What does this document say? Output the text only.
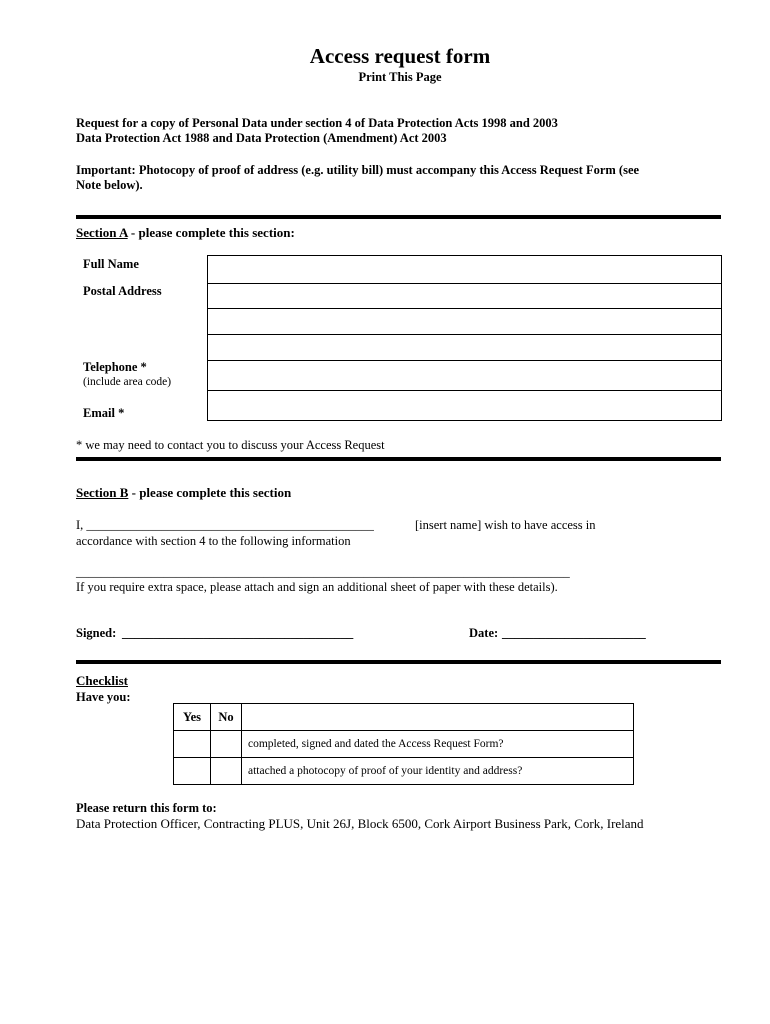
Access request form
Print This Page
Request for a copy of Personal Data under section 4 of Data Protection Acts 1998 and 2003
Data Protection Act 1988 and Data Protection (Amendment) Act 2003
Important: Photocopy of proof of address (e.g. utility bill) must accompany this Access Request Form (see
Note below).
Section A - please complete this section:
Full Name
Postal Address
Telephone *
(include area code)
Email *
* we may need to contact you to discuss your Access Request
Section B - please complete this section
I, ______________________________________________	[insert name] wish to have access in
accordance with section 4 to the following information
_______________________________________________________________________________
If you require extra space, please attach and sign an additional sheet of paper with these details).
Signed: _____________________________________	Date: _______________________
Checklist
Have you:
Yes	No	
		completed, signed and dated the Access Request Form?
		attached a photocopy of proof of your identity and address?
Please return this form to:
Data Protection Officer, Contracting PLUS, Unit 26J, Block 6500, Cork Airport Business Park, Cork, Ireland
